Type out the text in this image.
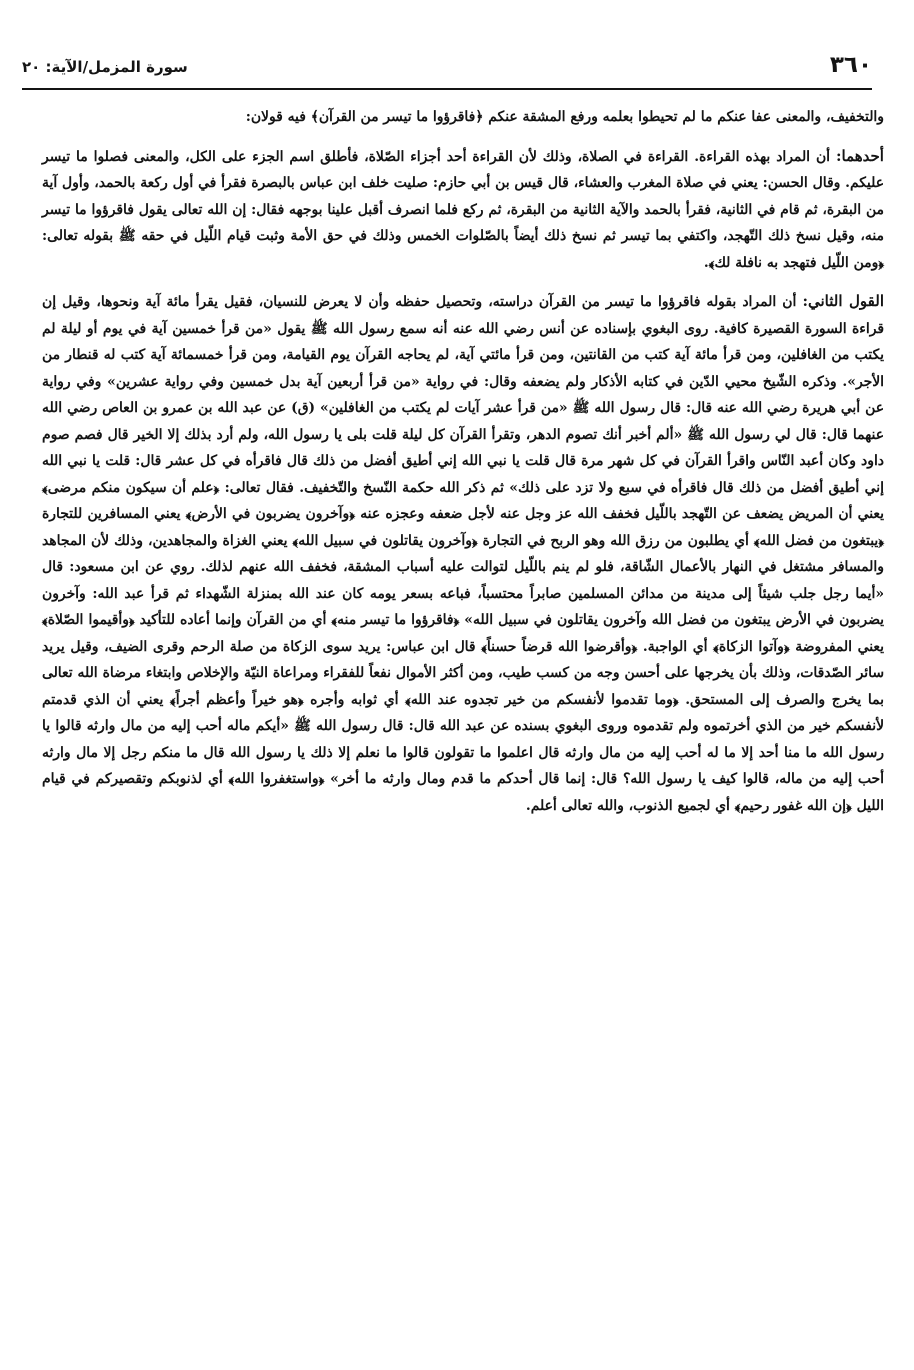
٣٦٠
سورة المزمل/الآية: ٢٠

والتخفيف، والمعنى عفا عنكم ما لم تحيطوا بعلمه ورفع المشقة عنكم ﴿فاقرؤوا ما تيسر من القرآن﴾ فيه قولان:

أحدهما: أن المراد بهذه القراءة. القراءة في الصلاة، وذلك لأن القراءة أحد أجزاء الصّلاة، فأطلق اسم الجزء على الكل، والمعنى فصلوا ما تيسر عليكم. وقال الحسن: يعني في صلاة المغرب والعشاء، قال قيس بن أبي حازم: صليت خلف ابن عباس بالبصرة فقرأ في أول ركعة بالحمد، وأول آية من البقرة، ثم قام في الثانية، فقرأ بالحمد والآية الثانية من البقرة، ثم ركع فلما انصرف أقبل علينا بوجهه فقال: إن الله تعالى يقول فاقرؤوا ما تيسر منه، وقيل نسخ ذلك التّهجد، واكتفي بما تيسر ثم نسخ ذلك أيضاً بالصّلوات الخمس وذلك في حق الأمة وثبت قيام اللّيل في حقه ﷺ بقوله تعالى: ﴿ومن اللّيل فتهجد به نافلة لك﴾.

القول الثاني: أن المراد بقوله فاقرؤوا ما تيسر من القرآن دراسته، وتحصيل حفظه وأن لا يعرض للنسيان، فقيل يقرأ مائة آية ونحوها، وقيل إن قراءة السورة القصيرة كافية. روى البغوي بإسناده عن أنس رضي الله عنه أنه سمع رسول الله ﷺ يقول «من قرأ خمسين آية في يوم أو ليلة لم يكتب من الغافلين، ومن قرأ مائة آية كتب من القانتين، ومن قرأ مائتي آية، لم يحاجه القرآن يوم القيامة، ومن قرأ خمسمائة آية كتب له قنطار من الأجر». وذكره الشّيخ محيي الدّين في كتابه الأذكار ولم يضعفه وقال: في رواية «من قرأ أربعين آية بدل خمسين وفي رواية عشرين» وفي رواية عن أبي هريرة رضي الله عنه قال: قال رسول الله ﷺ «من قرأ عشر آيات لم يكتب من الغافلين» (ق) عن عبد الله بن عمرو بن العاص رضي الله عنهما قال: قال لي رسول الله ﷺ «ألم أخبر أنك تصوم الدهر، وتقرأ القرآن كل ليلة قلت بلى يا رسول الله، ولم أرد بذلك إلا الخير قال فصم صوم داود وكان أعبد النّاس واقرأ القرآن في كل شهر مرة قال قلت يا نبي الله إني أطيق أفضل من ذلك قال فاقرأه في كل عشر قال: قلت يا نبي الله إني أطيق أفضل من ذلك قال فاقرأه في سبع ولا تزد على ذلك» ثم ذكر الله حكمة النّسخ والتّخفيف. فقال تعالى: ﴿علم أن سيكون منكم مرضى﴾ يعني أن المريض يضعف عن التّهجد باللّيل فخفف الله عز وجل عنه لأجل ضعفه وعجزه عنه ﴿وآخرون يضربون في الأرض﴾ يعني المسافرين للتجارة ﴿يبتغون من فضل الله﴾ أي يطلبون من رزق الله وهو الربح في التجارة ﴿وآخرون يقاتلون في سبيل الله﴾ يعني الغزاة والمجاهدين، وذلك لأن المجاهد والمسافر مشتغل في النهار بالأعمال الشّاقة، فلو لم ينم باللّيل لتوالت عليه أسباب المشقة، فخفف الله عنهم لذلك. روي عن ابن مسعود: قال «أيما رجل جلب شيئاً إلى مدينة من مدائن المسلمين صابراً محتسباً، فباعه بسعر يومه كان عند الله بمنزلة الشّهداء ثم قرأ عبد الله: وآخرون يضربون في الأرض يبتغون من فضل الله وآخرون يقاتلون في سبيل الله» ﴿فاقرؤوا ما تيسر منه﴾ أي من القرآن وإنما أعاده للتأكيد ﴿وأقيموا الصّلاة﴾ يعني المفروضة ﴿وآتوا الزكاة﴾ أي الواجبة. ﴿وأقرضوا الله قرضاً حسناً﴾ قال ابن عباس: يريد سوى الزكاة من صلة الرحم وقرى الضيف، وقيل يريد سائر الصّدقات، وذلك بأن يخرجها على أحسن وجه من كسب طيب، ومن أكثر الأموال نفعاً للفقراء ومراعاة النيّة والإخلاص وابتغاء مرضاة الله تعالى بما يخرج والصرف إلى المستحق. ﴿وما تقدموا لأنفسكم من خير تجدوه عند الله﴾ أي ثوابه وأجره ﴿هو خيراً وأعظم أجراً﴾ يعني أن الذي قدمتم لأنفسكم خير من الذي أخرتموه ولم تقدموه وروى البغوي بسنده عن عبد الله قال: قال رسول الله ﷺ «أيكم ماله أحب إليه من مال وارثه قالوا يا رسول الله ما منا أحد إلا ما له أحب إليه من مال وارثه قال اعلموا ما تقولون قالوا ما نعلم إلا ذلك يا رسول الله قال ما منكم رجل إلا مال وارثه أحب إليه من ماله، قالوا كيف يا رسول الله؟ قال: إنما قال أحدكم ما قدم ومال وارثه ما أخر» ﴿واستغفروا الله﴾ أي لذنوبكم وتقصيركم في قيام الليل ﴿إن الله غفور رحيم﴾ أي لجميع الذنوب، والله تعالى أعلم.
